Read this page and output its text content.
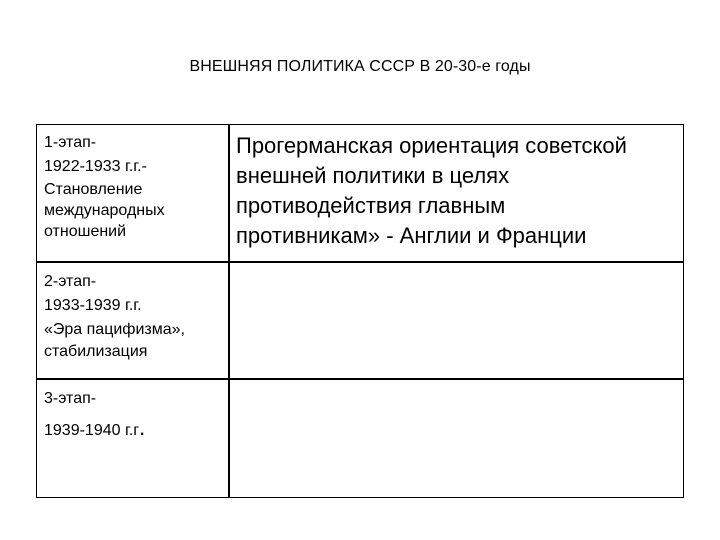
ВНЕШНЯЯ ПОЛИТИКА СССР В 20-30-е годы
1-этап-
1922-1933 г.г.-
Становление
международных
отношений
Прогерманская ориентация советской
внешней политики в целях
противодействия главным
противникам» - Англии и Франции
2-этап-
1933-1939 г.г.
«Эра пацифизма»,
стабилизация
3-этап-
1939-1940 г.г.
